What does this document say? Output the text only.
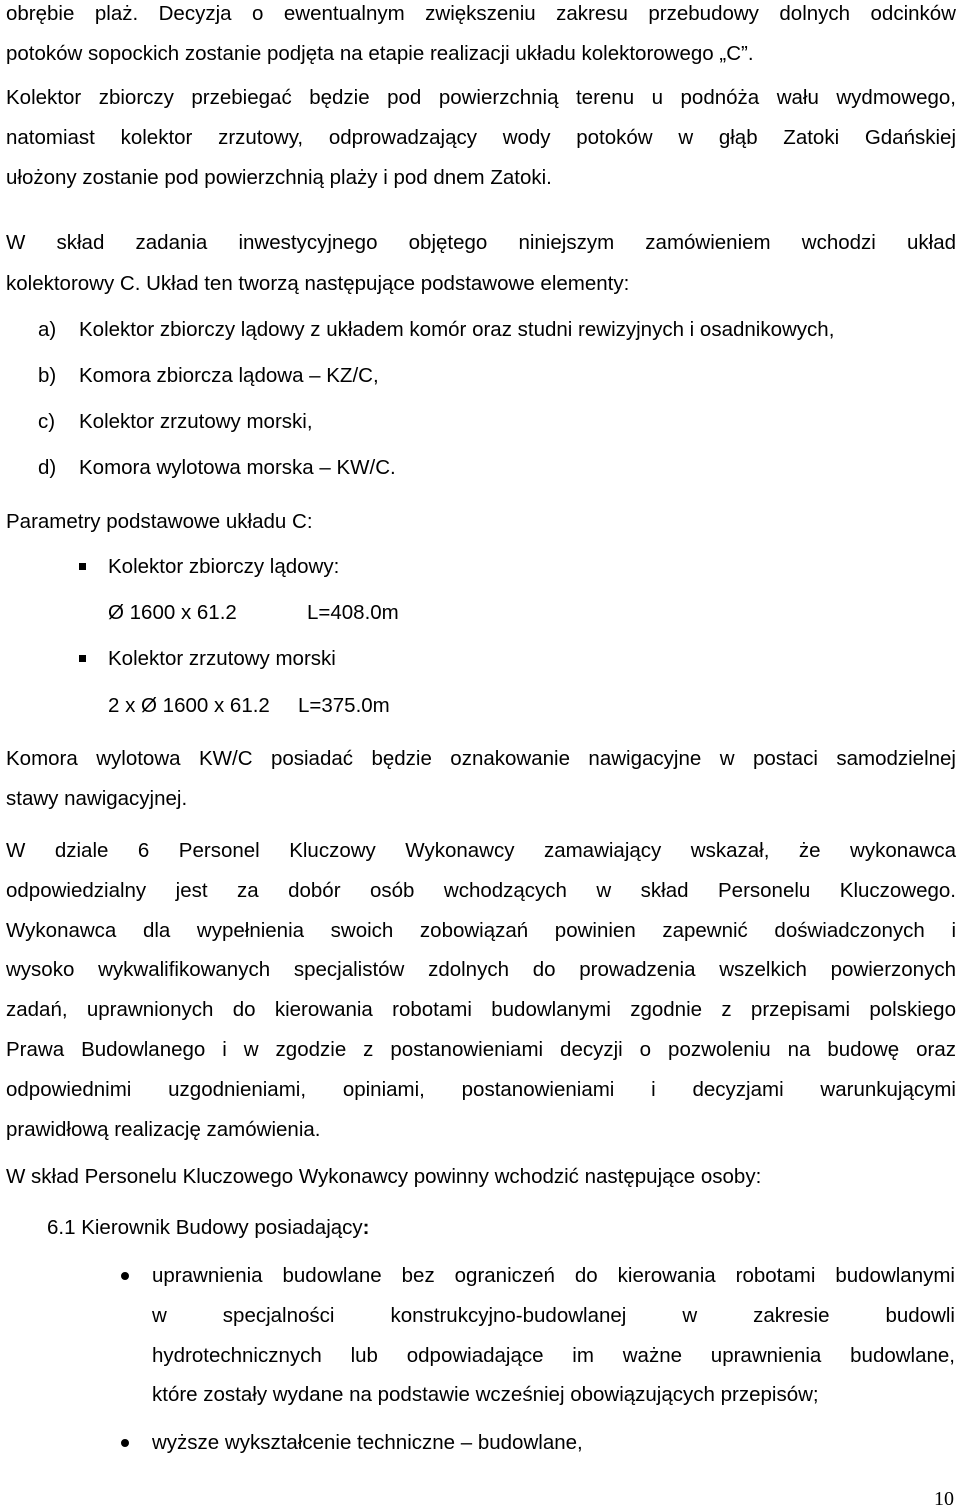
obrębie plaż. Decyzja o ewentualnym zwiększeniu zakresu przebudowy dolnych odcinków
potoków sopockich zostanie podjęta na etapie realizacji układu kolektorowego „C”.
Kolektor zbiorczy przebiegać będzie pod powierzchnią terenu u podnóża wału wydmowego,
natomiast kolektor zrzutowy, odprowadzający wody potoków w głąb Zatoki Gdańskiej
ułożony zostanie pod powierzchnią plaży i pod dnem Zatoki.
W skład zadania inwestycyjnego objętego niniejszym zamówieniem wchodzi układ
kolektorowy C. Układ ten tworzą następujące podstawowe elementy:
a) Kolektor zbiorczy lądowy z układem komór oraz studni rewizyjnych i osadnikowych,
b) Komora zbiorcza lądowa – KZ/C,
c) Kolektor zrzutowy morski,
d) Komora wylotowa morska – KW/C.
Parametry podstawowe układu C:
Kolektor zbiorczy lądowy:
Ø 1600 x 61.2	L=408.0m
Kolektor zrzutowy morski
2 x Ø 1600 x 61.2 L=375.0m
Komora wylotowa KW/C posiadać będzie oznakowanie nawigacyjne w postaci samodzielnej
stawy nawigacyjnej.
W dziale 6 Personel Kluczowy Wykonawcy zamawiający wskazał, że wykonawca
odpowiedzialny jest za dobór osób wchodzących w skład Personelu Kluczowego.
Wykonawca dla wypełnienia swoich zobowiązań powinien zapewnić doświadczonych i
wysoko wykwalifikowanych specjalistów zdolnych do prowadzenia wszelkich powierzonych
zadań, uprawnionych do kierowania robotami budowlanymi zgodnie z przepisami polskiego
Prawa Budowlanego i w zgodzie z postanowieniami decyzji o pozwoleniu na budowę oraz
odpowiednimi uzgodnieniami, opiniami, postanowieniami i decyzjami warunkującymi
prawidłową realizację zamówienia.
W skład Personelu Kluczowego Wykonawcy powinny wchodzić następujące osoby:
6.1 Kierownik Budowy posiadający:
uprawnienia budowlane bez ograniczeń do kierowania robotami budowlanymi
w specjalności konstrukcyjno-budowlanej w zakresie budowli
hydrotechnicznych lub odpowiadające im ważne uprawnienia budowlane,
które zostały wydane na podstawie wcześniej obowiązujących przepisów;
wyższe wykształcenie techniczne – budowlane,
10
